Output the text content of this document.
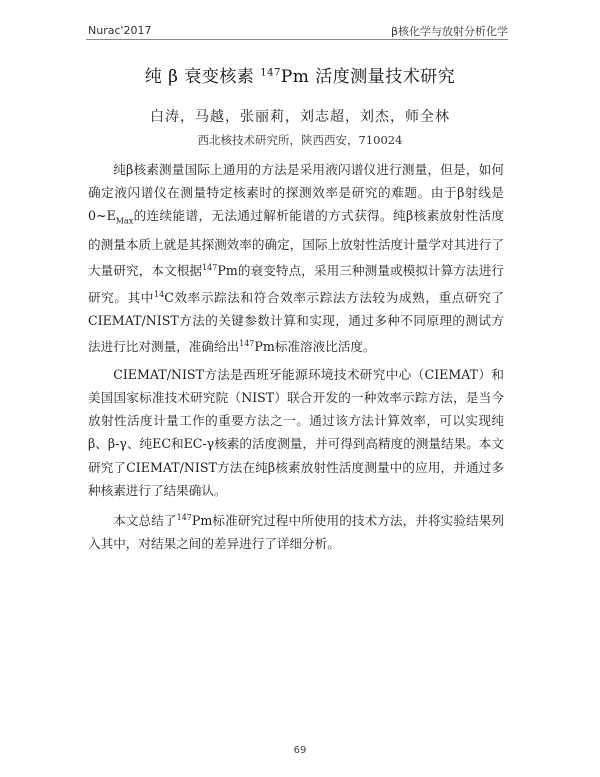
Nurac'2017	β核化学与放射分析化学
纯 β 衰变核素 $^{147}$Pm 活度测量技术研究
白涛，马越，张丽莉，刘志超，刘杰，师全林
西北核技术研究所，陕西西安，710024

纯β核素测量国际上通用的方法是采用液闪谱仪进行测量，但是，如何确定液闪谱仪在测量特定核素时的探测效率是研究的难题。由于β射线是$0\sim E_{Max}$的连续能谱，无法通过解析能谱的方式获得。纯β核素放射性活度的测量本质上就是其探测效率的确定，国际上放射性活度计量学对其进行了大量研究，本文根据$^{147}$Pm的衰变特点，采用三种测量或模拟计算方法进行研究。其中$^{14}$C效率示踪法和符合效率示踪法方法较为成熟，重点研究了CIEMAT/NIST方法的关键参数计算和实现，通过多种不同原理的测试方法进行比对测量，准确给出$^{147}$Pm标准溶液比活度。

CIEMAT/NIST方法是西班牙能源环境技术研究中心（CIEMAT）和美国国家标准技术研究院（NIST）联合开发的一种效率示踪方法，是当今放射性活度计量工作的重要方法之一。通过该方法计算效率，可以实现纯β、β-γ、纯EC和EC-γ核素的活度测量，并可得到高精度的测量结果。本文研究了CIEMAT/NIST方法在纯β核素放射性活度测量中的应用，并通过多种核素进行了结果确认。

本文总结了$^{147}$Pm标准研究过程中所使用的技术方法，并将实验结果列入其中，对结果之间的差异进行了详细分析。

69
